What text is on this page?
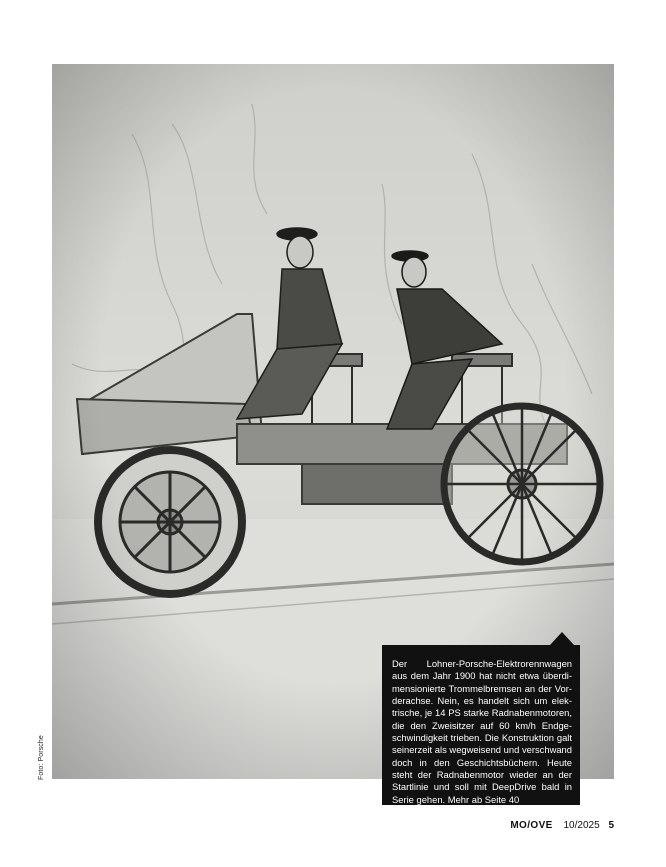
Foto: Porsche
Der Lohner-Porsche-Elektrorennwagen aus dem Jahr 1900 hat nicht etwa überdimensionierte Trommelbremsen an der Vorderachse. Nein, es handelt sich um elektrische, je 14 PS starke Radnabenmotoren, die den Zweisitzer auf 60 km/h Endgeschwindigkeit trieben. Die Konstruktion galt seinerzeit als wegweisend und verschwand doch in den Geschichtsbüchern. Heute steht der Radnabenmotor wieder an der Startlinie und soll mit DeepDrive bald in Serie gehen. Mehr ab Seite 40
MO/OVE 10/2025 5
